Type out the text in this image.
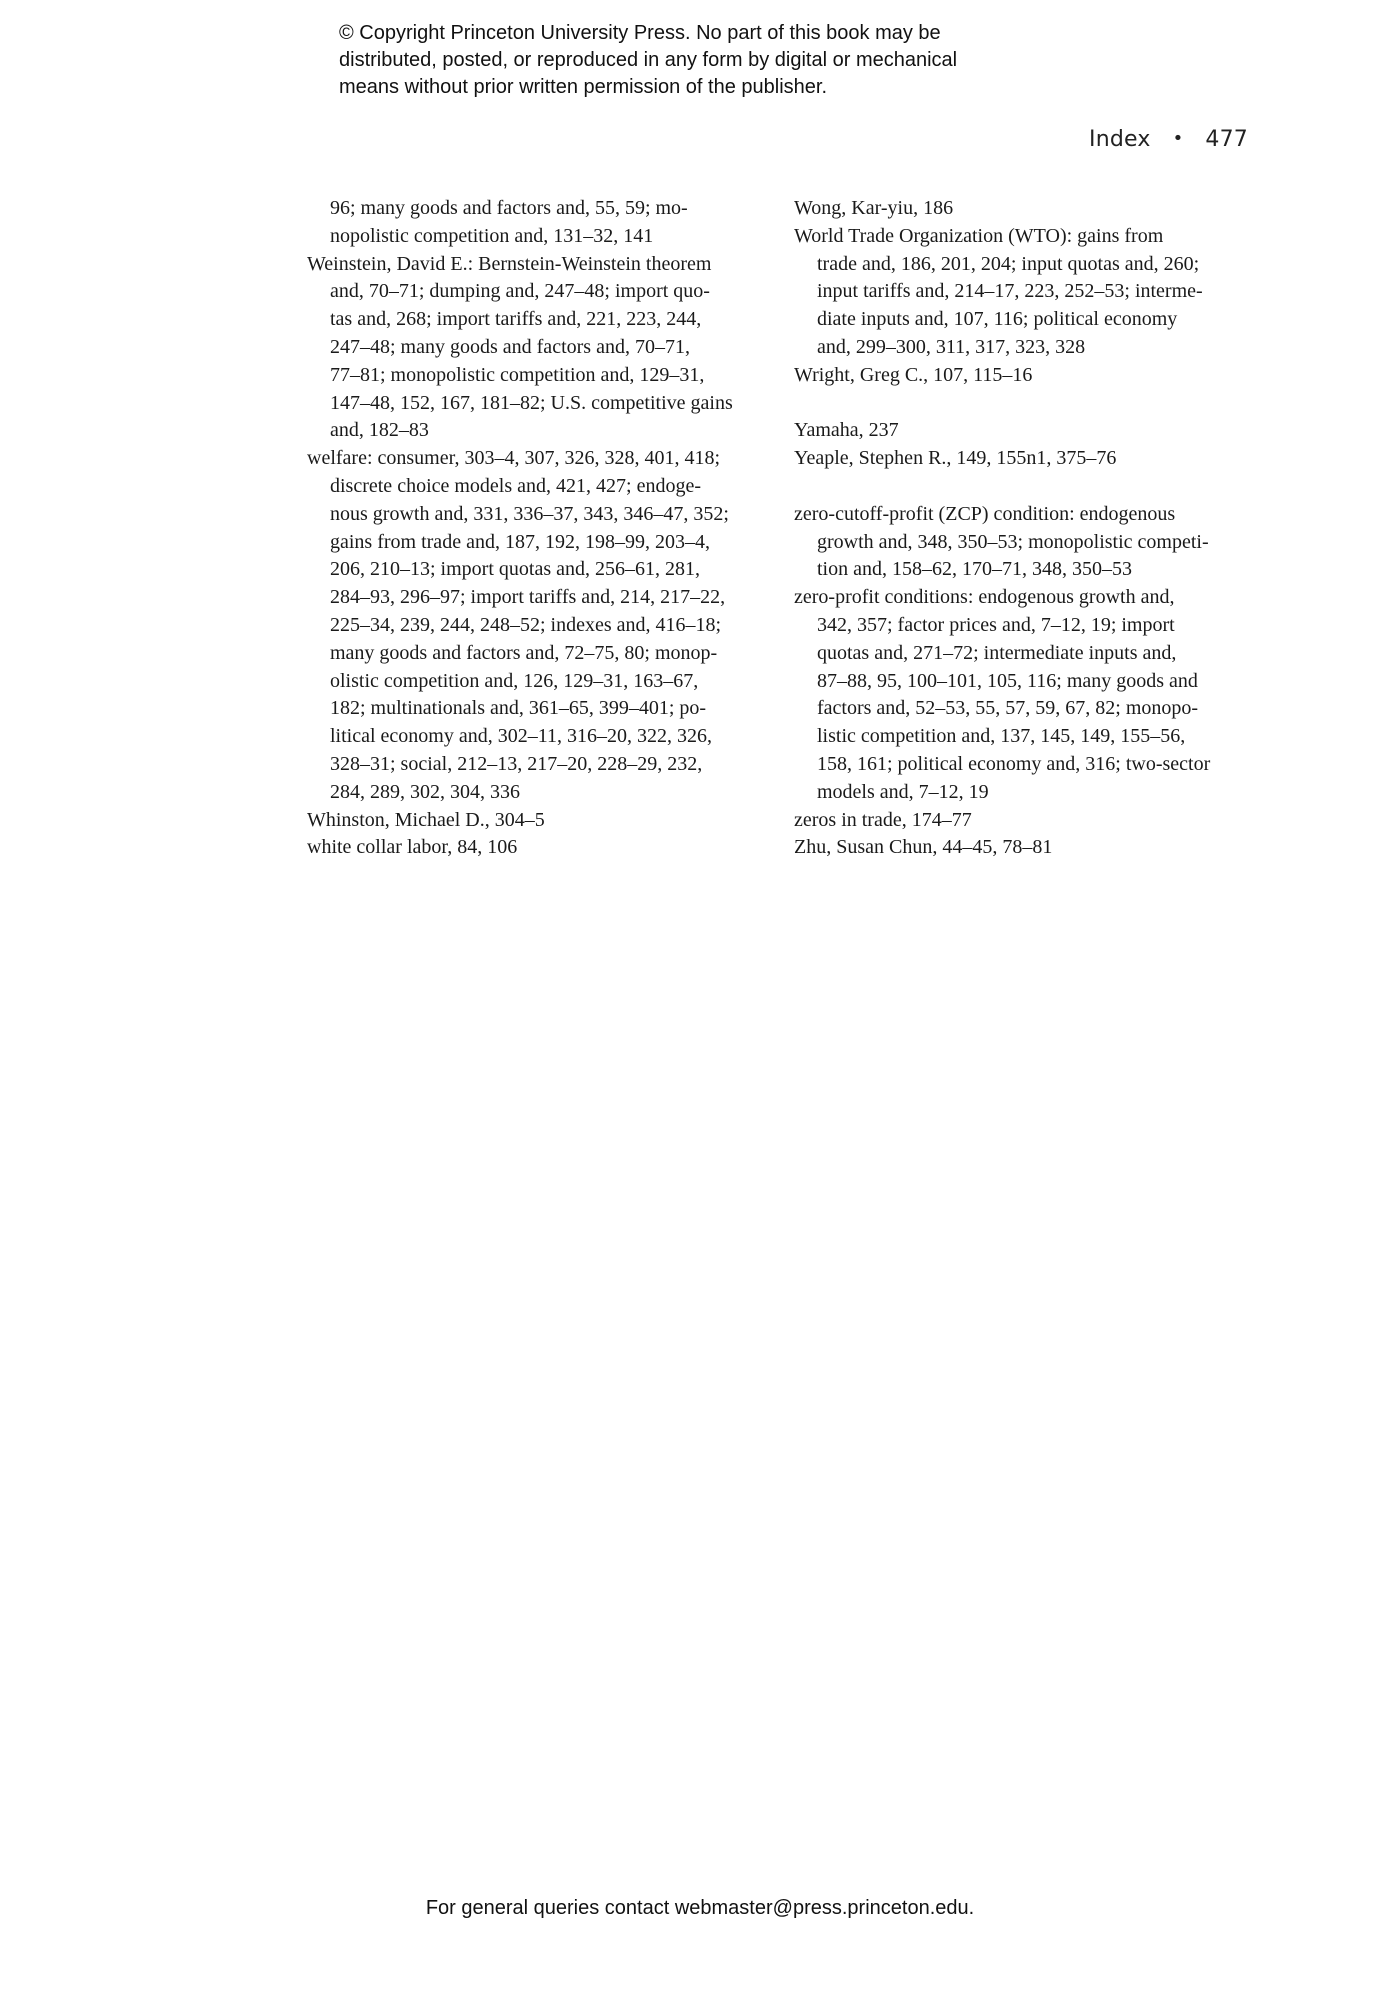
© Copyright Princeton University Press. No part of this book may be
distributed, posted, or reproduced in any form by digital or mechanical
means without prior written permission of the publisher.
Index • 477
96; many goods and factors and, 55, 59; mo-
nopolistic competition and, 131–32, 141
Weinstein, David E.: Bernstein-Weinstein theorem
and, 70–71; dumping and, 247–48; import quo-
tas and, 268; import tariffs and, 221, 223, 244,
247–48; many goods and factors and, 70–71,
77–81; monopolistic competition and, 129–31,
147–48, 152, 167, 181–82; U.S. competitive gains
and, 182–83
welfare: consumer, 303–4, 307, 326, 328, 401, 418;
discrete choice models and, 421, 427; endoge-
nous growth and, 331, 336–37, 343, 346–47, 352;
gains from trade and, 187, 192, 198–99, 203–4,
206, 210–13; import quotas and, 256–61, 281,
284–93, 296–97; import tariffs and, 214, 217–22,
225–34, 239, 244, 248–52; indexes and, 416–18;
many goods and factors and, 72–75, 80; monop-
olistic competition and, 126, 129–31, 163–67,
182; multinationals and, 361–65, 399–401; po-
litical economy and, 302–11, 316–20, 322, 326,
328–31; social, 212–13, 217–20, 228–29, 232,
284, 289, 302, 304, 336
Whinston, Michael D., 304–5
white collar labor, 84, 106
Wong, Kar-yiu, 186
World Trade Organization (WTO): gains from
trade and, 186, 201, 204; input quotas and, 260;
input tariffs and, 214–17, 223, 252–53; interme-
diate inputs and, 107, 116; political economy
and, 299–300, 311, 317, 323, 328
Wright, Greg C., 107, 115–16
Yamaha, 237
Yeaple, Stephen R., 149, 155n1, 375–76
zero-cutoff-profit (ZCP) condition: endogenous
growth and, 348, 350–53; monopolistic competi-
tion and, 158–62, 170–71, 348, 350–53
zero-profit conditions: endogenous growth and,
342, 357; factor prices and, 7–12, 19; import
quotas and, 271–72; intermediate inputs and,
87–88, 95, 100–101, 105, 116; many goods and
factors and, 52–53, 55, 57, 59, 67, 82; monopo-
listic competition and, 137, 145, 149, 155–56,
158, 161; political economy and, 316; two-sector
models and, 7–12, 19
zeros in trade, 174–77
Zhu, Susan Chun, 44–45, 78–81
For general queries contact webmaster@press.princeton.edu.
